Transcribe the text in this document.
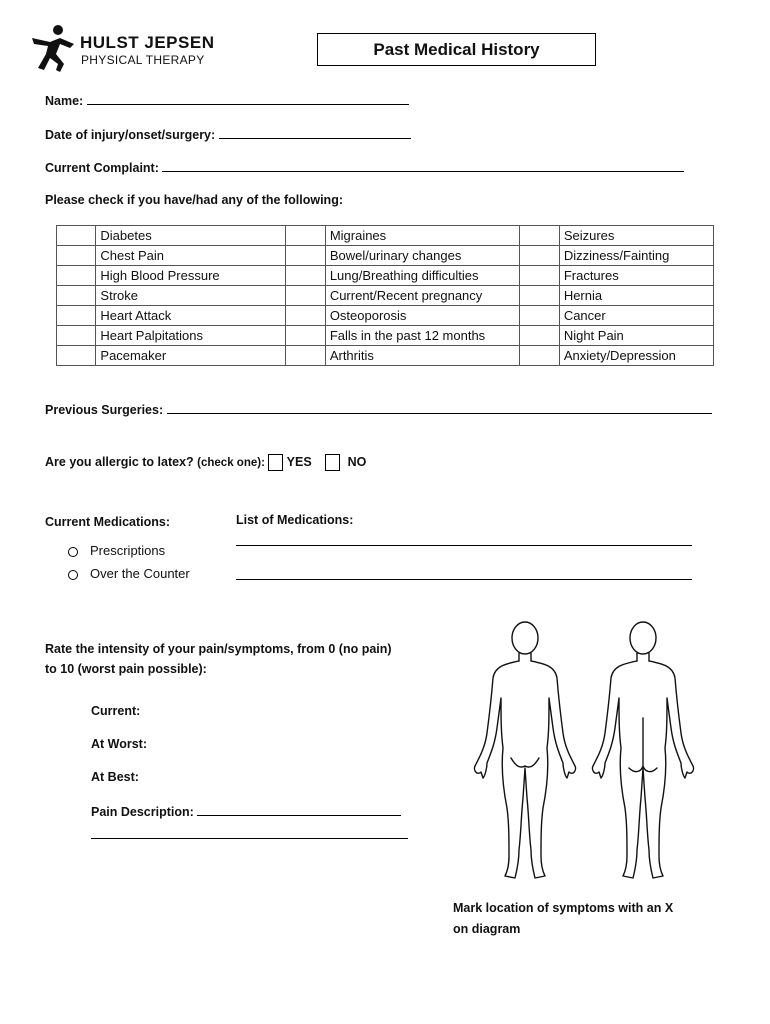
HULST JEPSEN
PHYSICAL THERAPY
Past Medical History
Name:
Date of injury/onset/surgery:
Current Complaint:
Please check if you have/had any of the following:
	Diabetes		Migraines		Seizures
	Chest Pain		Bowel/urinary changes		Dizziness/Fainting
	High Blood Pressure		Lung/Breathing difficulties		Fractures
	Stroke		Current/Recent pregnancy		Hernia
	Heart Attack		Osteoporosis		Cancer
	Heart Palpitations		Falls in the past 12 months		Night Pain
	Pacemaker		Arthritis		Anxiety/Depression
Previous Surgeries:
Are you allergic to latex? (check one): YES	NO
Current Medications:
Prescriptions
Over the Counter
List of Medications:
Rate the intensity of your pain/symptoms, from 0 (no pain)
to 10 (worst pain possible):
Current:
At Worst:
At Best:
Pain Description:
Mark location of symptoms with an X
on diagram
